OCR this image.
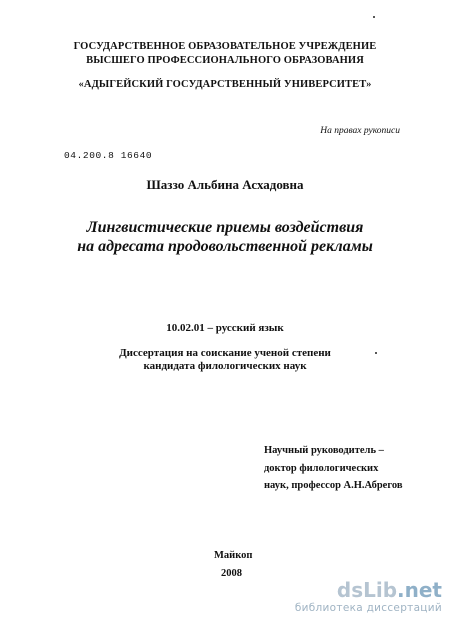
ГОСУДАРСТВЕННОЕ ОБРАЗОВАТЕЛЬНОЕ УЧРЕЖДЕНИЕ
ВЫСШЕГО ПРОФЕССИОНАЛЬНОГО ОБРАЗОВАНИЯ
«АДЫГЕЙСКИЙ ГОСУДАРСТВЕННЫЙ УНИВЕРСИТЕТ»
На правах рукописи
04.200.8 16640
Шаззо Альбина Асхадовна
Лингвистические приемы воздействия
на адресата продовольственной рекламы
10.02.01 – русский язык
Диссертация на соискание ученой степени
кандидата филологических наук
Научный руководитель –
доктор филологических
наук, профессор А.Н.Абрегов
Майкоп
2008
dsLib.net
библиотека диссертаций
